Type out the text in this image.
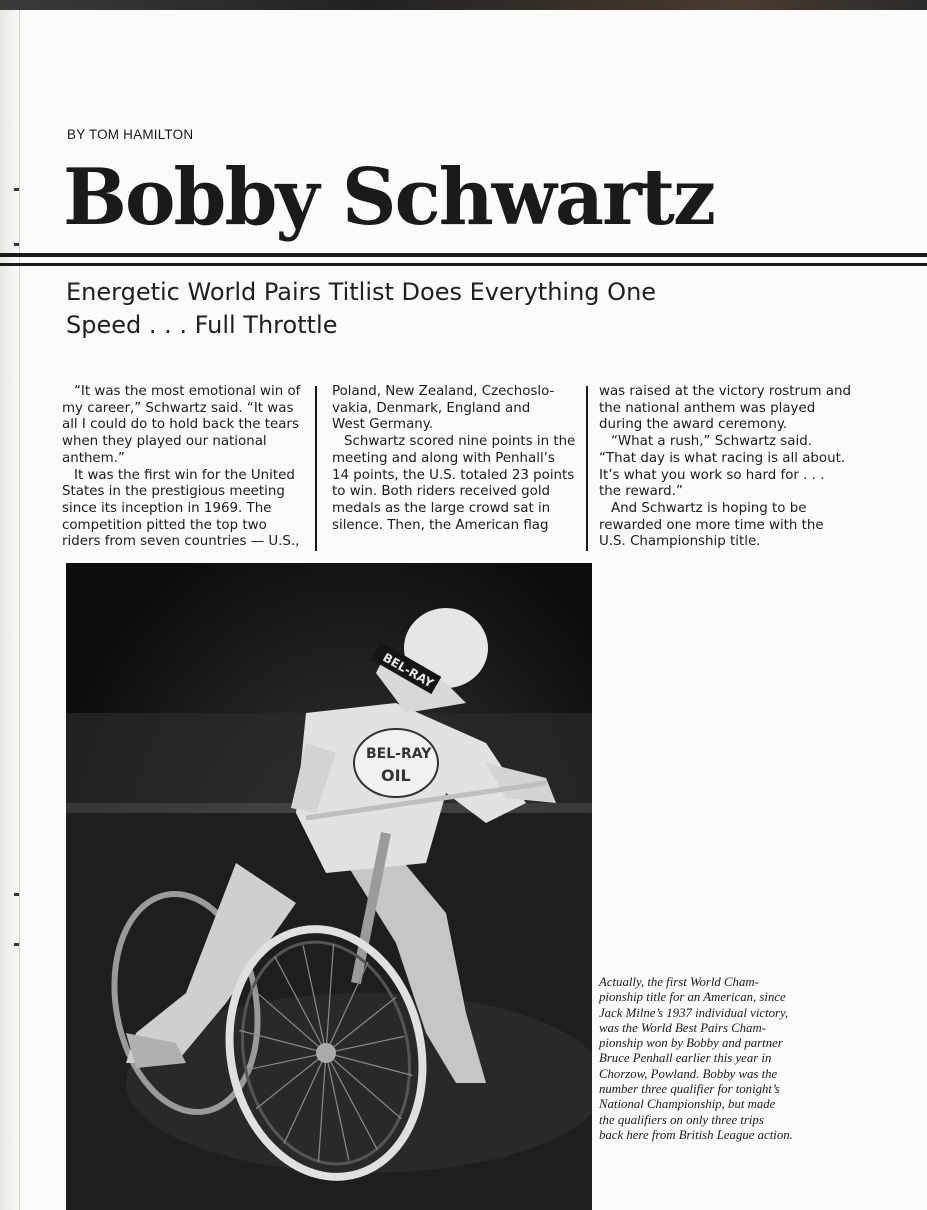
BY TOM HAMILTON
Bobby Schwartz
Energetic World Pairs Titlist Does Everything One
Speed . . . Full Throttle

“It was the most emotional win of

my career,” Schwartz said. “It was

all I could do to hold back the tears

when they played our national

anthem.”

It was the first win for the United

States in the prestigious meeting

since its inception in 1969. The

competition pitted the top two

riders from seven countries — U.S.,

Poland, New Zealand, Czechoslo-

vakia, Denmark, England and

West Germany.

Schwartz scored nine points in the

meeting and along with Penhall’s

14 points, the U.S. totaled 23 points

to win. Both riders received gold

medals as the large crowd sat in

silence. Then, the American flag

was raised at the victory rostrum and

the national anthem was played

during the award ceremony.

“What a rush,” Schwartz said.

“That day is what racing is all about.

It’s what you work so hard for . . .

the reward.”

And Schwartz is hoping to be

rewarded one more time with the

U.S. Championship title.

BEL-RAY
BEL-RAY
OIL

Actually, the first World Cham-

pionship title for an American, since

Jack Milne’s 1937 individual victory,

was the World Best Pairs Cham-

pionship won by Bobby and partner

Bruce Penhall earlier this year in

Chorzow, Powland. Bobby was the

number three qualifier for tonight’s

National Championship, but made

the qualifiers on only three trips

back here from British League action.
